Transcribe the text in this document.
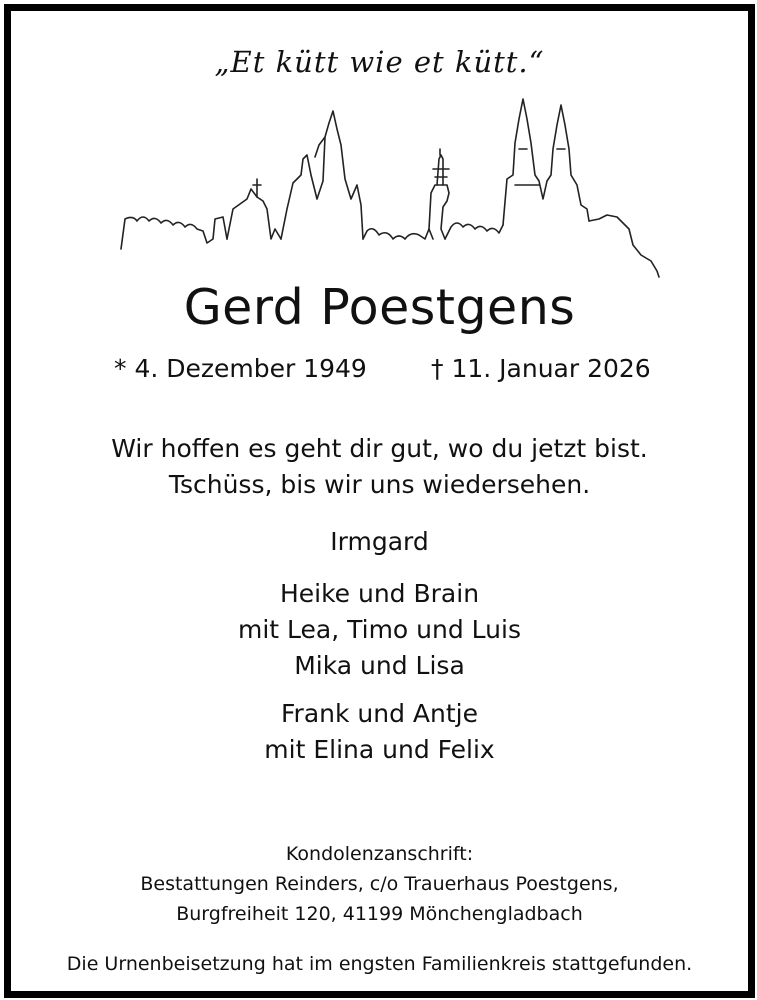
„Et kütt wie et kütt.“
Gerd Poestgens
* 4. Dezember 1949	† 11. Januar 2026
Wir hoffen es geht dir gut, wo du jetzt bist.
Tschüss, bis wir uns wiedersehen.
Irmgard
Heike und Brain
mit Lea, Timo und Luis
Mika und Lisa
Frank und Antje
mit Elina und Felix
Kondolenzanschrift:
Bestattungen Reinders, c/o Trauerhaus Poestgens,
Burgfreiheit 120, 41199 Mönchengladbach
Die Urnenbeisetzung hat im engsten Familienkreis stattgefunden.
